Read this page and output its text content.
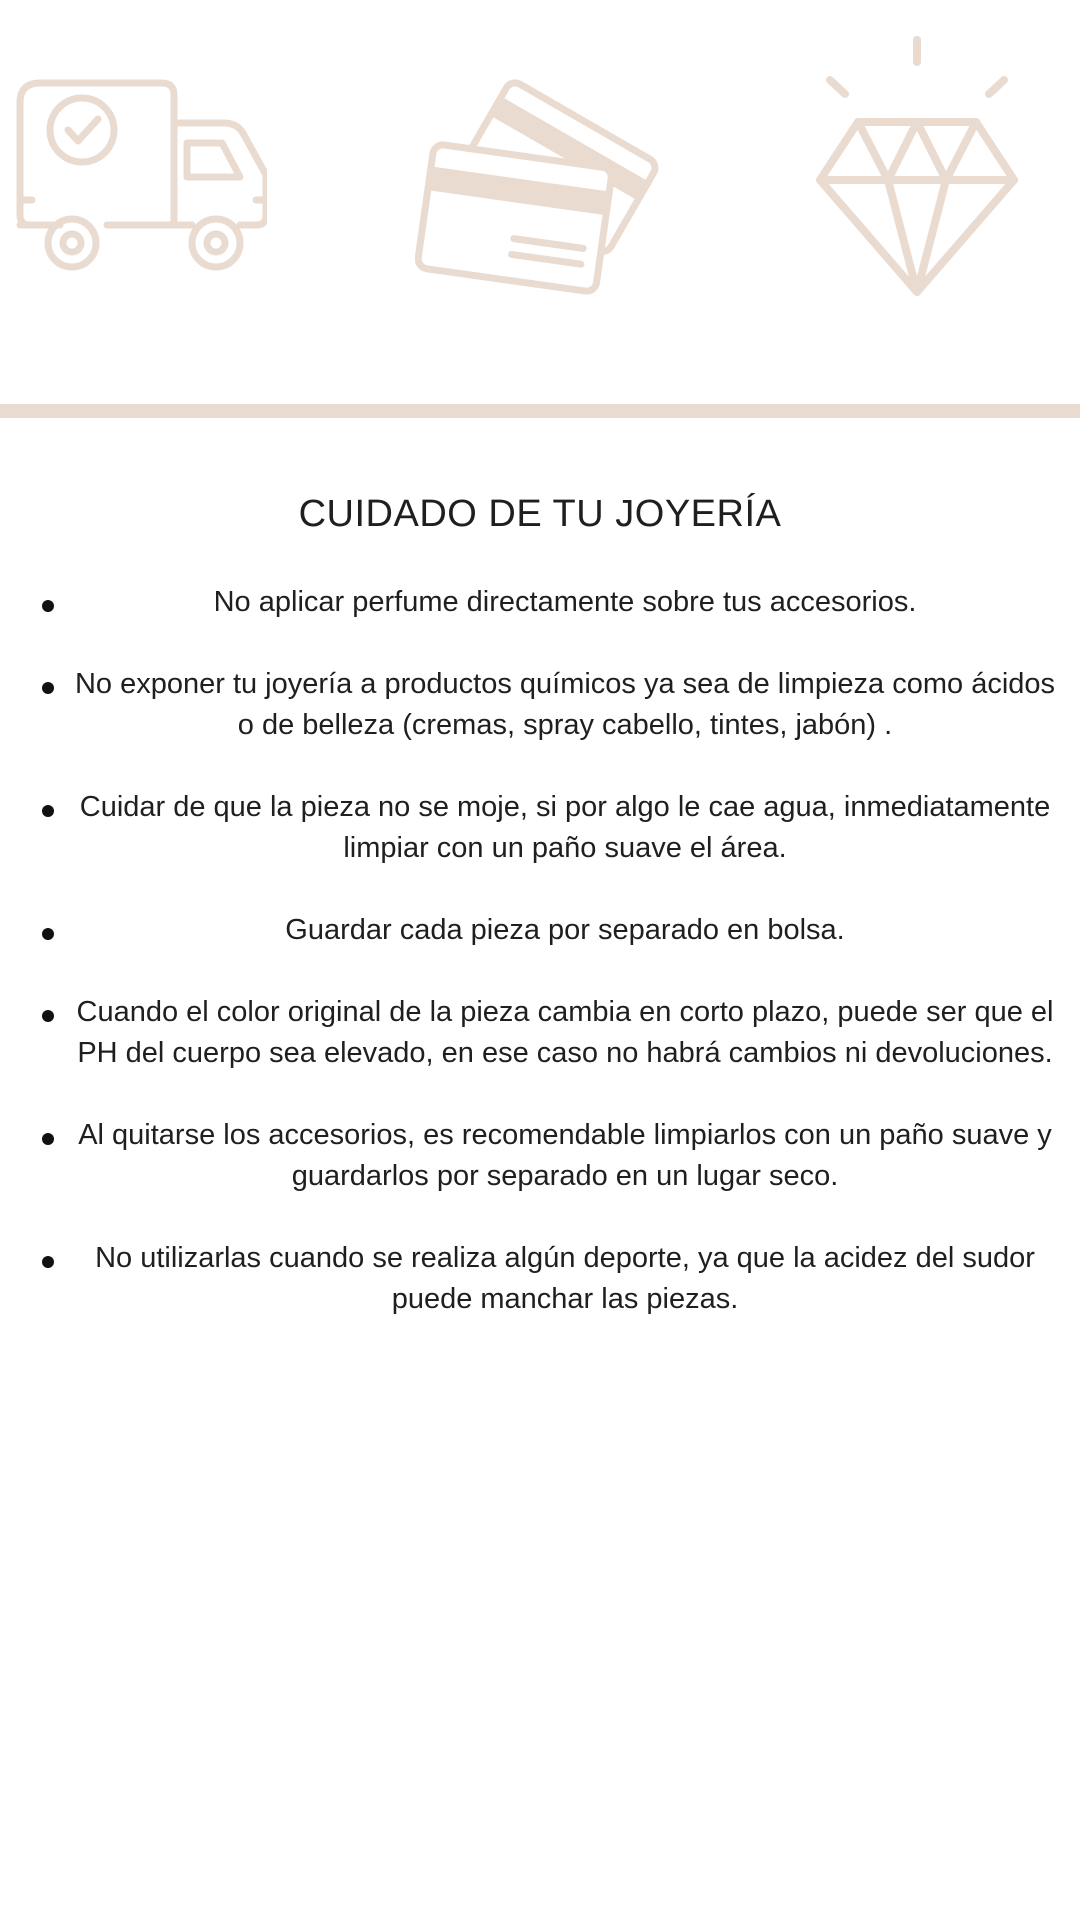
CUIDADO DE TU JOYERÍA
No aplicar perfume directamente sobre tus accesorios.
No exponer tu joyería a productos químicos ya sea de limpieza como ácidos o de belleza (cremas, spray cabello, tintes, jabón) .
Cuidar de que la pieza no se moje, si por algo le cae agua, inmediatamente limpiar con un paño suave el área.
Guardar cada pieza por separado en bolsa.
Cuando el color original de la pieza cambia en corto plazo, puede ser que el PH del cuerpo sea elevado, en ese caso no habrá cambios ni devoluciones.
Al quitarse los accesorios, es recomendable limpiarlos con un paño suave y guardarlos por separado en un lugar seco.
No utilizarlas cuando se realiza algún deporte, ya que la acidez del sudor puede manchar las piezas.
